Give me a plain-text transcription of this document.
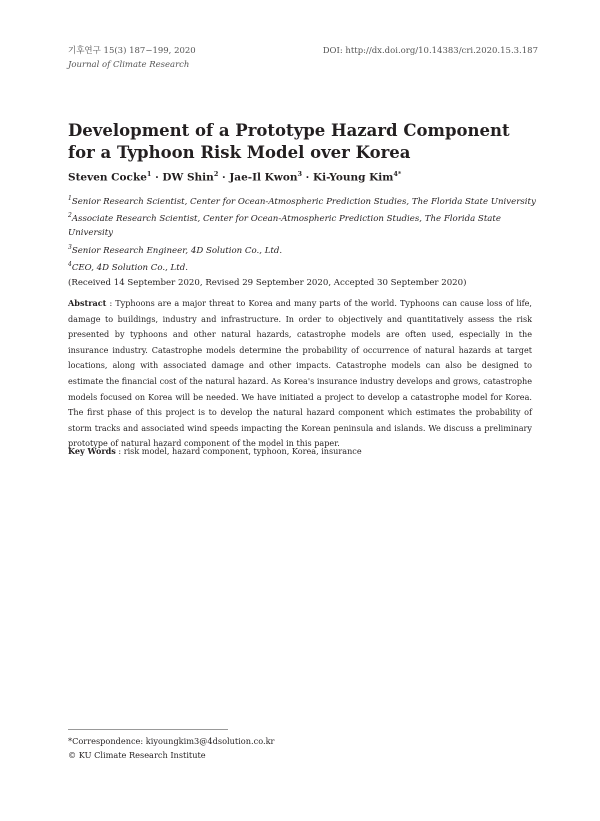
기후연구 15(3) 187−199, 2020
Journal of Climate Research
DOI: http://dx.doi.org/10.14383/cri.2020.15.3.187
Development of a Prototype Hazard Component for a Typhoon Risk Model over Korea
Steven Cocke$^1$ · DW Shin$^2$ · Jae-Il Kwon$^3$ · Ki-Young Kim$^{4*}$
$^1$Senior Research Scientist, Center for Ocean-Atmospheric Prediction Studies, The Florida State University
$^2$Associate Research Scientist, Center for Ocean-Atmospheric Prediction Studies, The Florida State University
$^3$Senior Research Engineer, 4D Solution Co., Ltd.
$^4$CEO, 4D Solution Co., Ltd.
(Received 14 September 2020, Revised 29 September 2020, Accepted 30 September 2020)

Abstract : Typhoons are a major threat to Korea and many parts of the world. Typhoons can cause loss of life, damage to buildings, industry and infrastructure. In order to objectively and quantitatively assess the risk presented by typhoons and other natural hazards, catastrophe models are often used, especially in the insurance industry. Catastrophe models determine the probability of occurrence of natural hazards at target locations, along with associated damage and other impacts. Catastrophe models can also be designed to estimate the financial cost of the natural hazard. As Korea's insurance industry develops and grows, catastrophe models focused on Korea will be needed. We have initiated a project to develop a catastrophe model for Korea. The first phase of this project is to develop the natural hazard component which estimates the probability of storm tracks and associated wind speeds impacting the Korean peninsula and islands. We discuss a preliminary prototype of natural hazard component of the model in this paper.

Key Words : risk model, hazard component, typhoon, Korea, insurance
*Correspondence: kiyoungkim3@4dsolution.co.kr
© KU Climate Research Institute
